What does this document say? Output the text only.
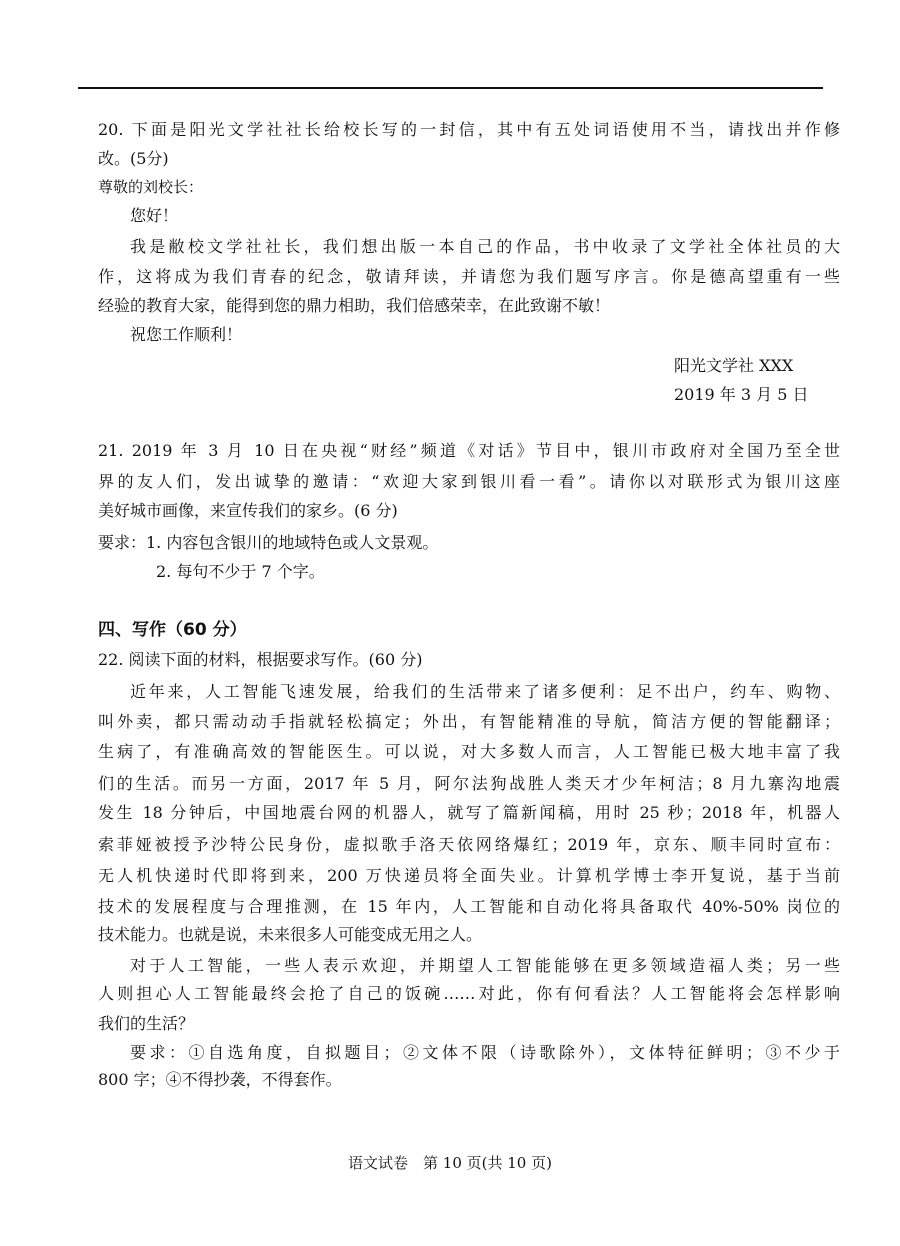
20. 下面是阳光文学社社长给校长写的一封信，其中有五处词语使用不当，请找出并作修
改。(5分)
尊敬的刘校长：
您好！
我是敝校文学社社长，我们想出版一本自己的作品，书中收录了文学社全体社员的大
作，这将成为我们青春的纪念，敬请拜读，并请您为我们题写序言。你是德高望重有一些
经验的教育大家，能得到您的鼎力相助，我们倍感荣幸，在此致谢不敏！
祝您工作顺利！
阳光文学社 XXX
2019 年 3 月 5 日
21. 2019 年 3 月 10 日在央视“财经”频道《对话》节目中，银川市政府对全国乃至全世
界的友人们，发出诚挚的邀请：“欢迎大家到银川看一看”。请你以对联形式为银川这座
美好城市画像，来宣传我们的家乡。(6 分)
要求：1. 内容包含银川的地域特色或人文景观。
2. 每句不少于 7 个字。
四、写作（60 分）
22. 阅读下面的材料，根据要求写作。(60 分)
近年来，人工智能飞速发展，给我们的生活带来了诸多便利：足不出户，约车、购物、
叫外卖，都只需动动手指就轻松搞定；外出，有智能精准的导航，简洁方便的智能翻译；
生病了，有准确高效的智能医生。可以说，对大多数人而言，人工智能已极大地丰富了我
们的生活。而另一方面，2017 年 5 月，阿尔法狗战胜人类天才少年柯洁；8 月九寨沟地震
发生 18 分钟后，中国地震台网的机器人，就写了篇新闻稿，用时 25 秒；2018 年，机器人
索菲娅被授予沙特公民身份，虚拟歌手洛天依网络爆红；2019 年，京东、顺丰同时宣布：
无人机快递时代即将到来，200 万快递员将全面失业。计算机学博士李开复说，基于当前
技术的发展程度与合理推测，在 15 年内，人工智能和自动化将具备取代 40%-50% 岗位的
技术能力。也就是说，未来很多人可能变成无用之人。
对于人工智能，一些人表示欢迎，并期望人工智能能够在更多领域造福人类；另一些
人则担心人工智能最终会抢了自己的饭碗……对此，你有何看法？人工智能将会怎样影响
我们的生活？
要求：①自选角度，自拟题目；②文体不限（诗歌除外），文体特征鲜明；③不少于
800 字；④不得抄袭，不得套作。
语文试卷　第 10 页(共 10 页)
